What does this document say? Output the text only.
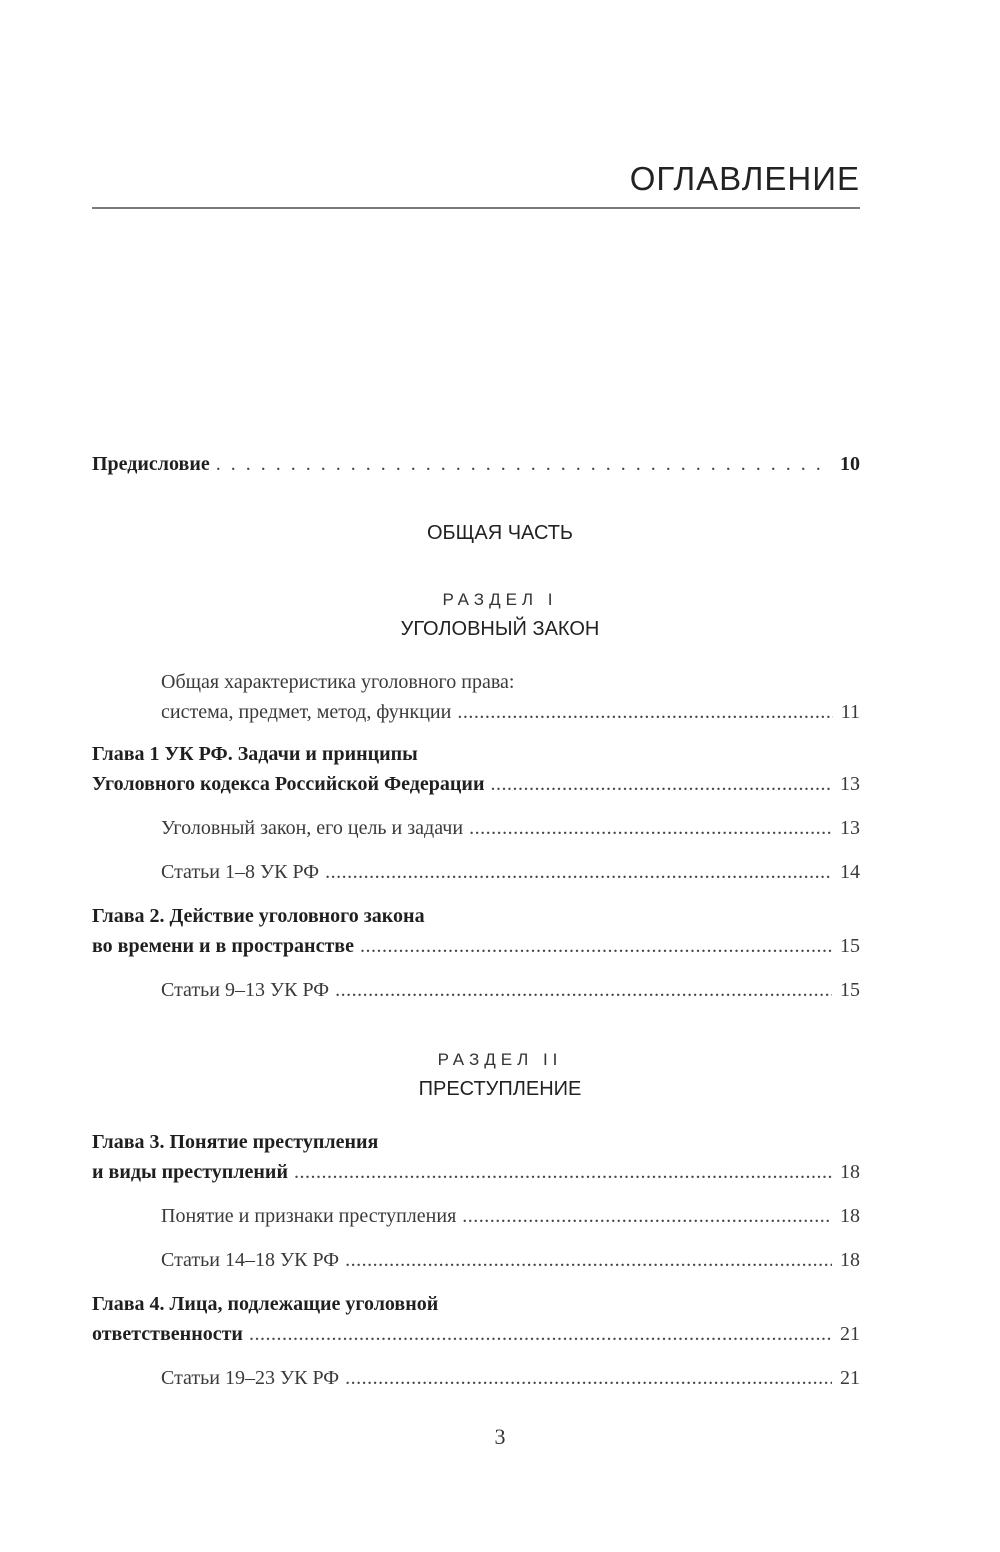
ОГЛАВЛЕНИЕ
Предисловие . . .	10
ОБЩАЯ ЧАСТЬ
РАЗДЕЛ I
УГОЛОВНЫЙ ЗАКОН
Общая характеристика уголовного права:
система, предмет, метод, функции .....	11
Глава 1 УК РФ. Задачи и принципы
Уголовного кодекса Российской Федерации .....	13
Уголовный закон, его цель и задачи .....	13
Статьи 1–8 УК РФ .....	14
Глава 2. Действие уголовного закона
во времени и в пространстве .....	15
Статьи 9–13 УК РФ .....	15
РАЗДЕЛ II
ПРЕСТУПЛЕНИЕ
Глава 3. Понятие преступления
и виды преступлений .....	18
Понятие и признаки преступления .....	18
Статьи 14–18 УК РФ .....	18
Глава 4. Лица, подлежащие уголовной
ответственности .....	21
Статьи 19–23 УК РФ .....	21
3
